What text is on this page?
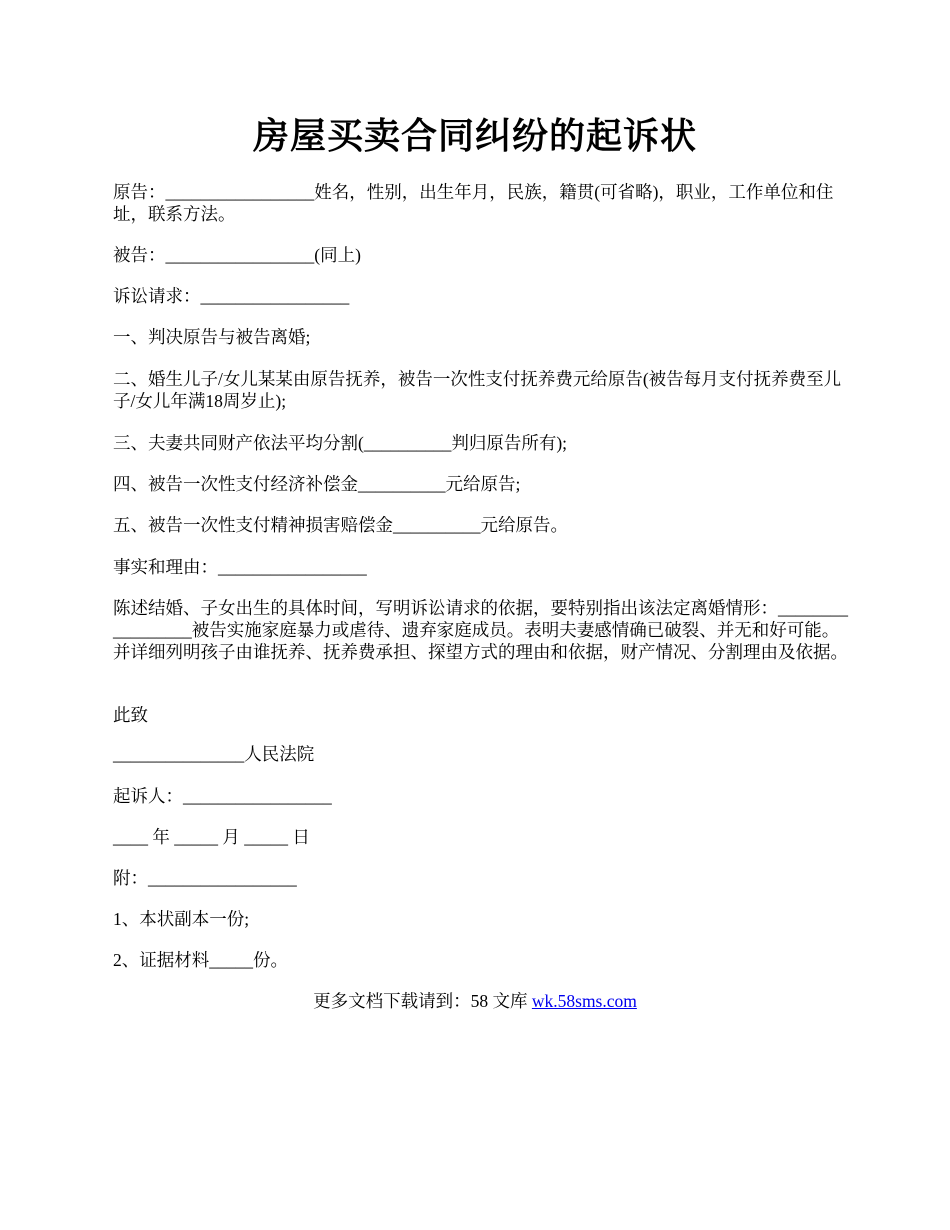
房屋买卖合同纠纷的起诉状

原告：_________________姓名，性别，出生年月，民族，籍贯(可省略)，职业，工作单位和住址，联系方法。

被告：_________________(同上)

诉讼请求：_________________

一、判决原告与被告离婚;

二、婚生儿子/女儿某某由原告抚养，被告一次性支付抚养费元给原告(被告每月支付抚养费至儿子/女儿年满18周岁止);

三、夫妻共同财产依法平均分割(__________判归原告所有);

四、被告一次性支付经济补偿金__________元给原告;

五、被告一次性支付精神损害赔偿金__________元给原告。

事实和理由：_________________

陈述结婚、子女出生的具体时间，写明诉讼请求的依据，要特别指出该法定离婚情形：_________________被告实施家庭暴力或虐待、遗弃家庭成员。表明夫妻感情确已破裂、并无和好可能。并详细列明孩子由谁抚养、抚养费承担、探望方式的理由和依据，财产情况、分割理由及依据。

此致

_______________人民法院

起诉人：_________________

____ 年 _____ 月 _____ 日

附：_________________

1、本状副本一份;

2、证据材料_____份。

更多文档下载请到：58 文库 wk.58sms.com
